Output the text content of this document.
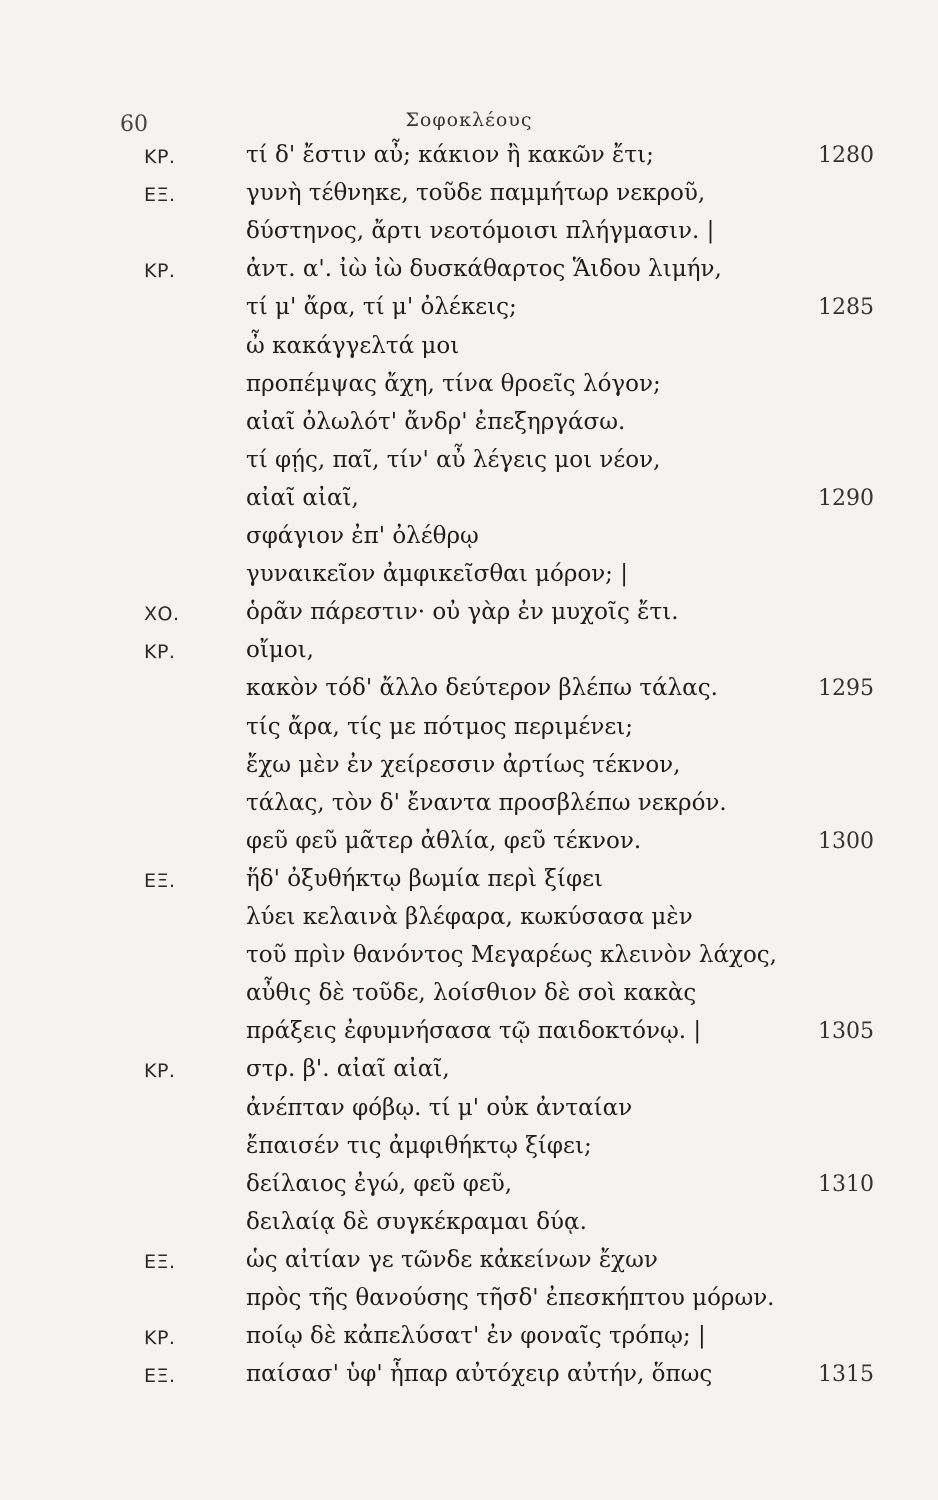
60	Σοφοκλέους
ΚΡ.	τί δ' ἔστιν αὖ; κάκιον ἢ κακῶν ἔτι;	1280
ΕΞ.	γυνὴ τέθνηκε, τοῦδε παμμήτωρ νεκροῦ,
δύστηνος, ἄρτι νεοτόμοισι πλήγμασιν. |
ΚΡ.	ἀντ. α'. ἰὼ ἰὼ δυσκάθαρτος Ἅιδου λιμήν,
τί μ' ἄρα, τί μ' ὀλέκεις;	1285
ὦ κακάγγελτά μοι
προπέμψας ἄχη, τίνα θροεῖς λόγον;
αἰαῖ ὀλωλότ' ἄνδρ' ἐπεξηργάσω.
τί φῄς, παῖ, τίν' αὖ λέγεις μοι νέον,
αἰαῖ αἰαῖ,	1290
σφάγιον ἐπ' ὀλέθρῳ
γυναικεῖον ἀμφικεῖσθαι μόρον; |
ΧΟ.	ὁρᾶν πάρεστιν· οὐ γὰρ ἐν μυχοῖς ἔτι.
ΚΡ.	οἴμοι,
κακὸν τόδ' ἄλλο δεύτερον βλέπω τάλας.	1295
τίς ἄρα, τίς με πότμος περιμένει;
ἔχω μὲν ἐν χείρεσσιν ἀρτίως τέκνον,
τάλας, τὸν δ' ἔναντα προσβλέπω νεκρόν.
φεῦ φεῦ μᾶτερ ἀθλία, φεῦ τέκνον.	1300
ΕΞ.	ἥδ' ὀξυθήκτῳ βωμία περὶ ξίφει
λύει κελαινὰ βλέφαρα, κωκύσασα μὲν
τοῦ πρὶν θανόντος Μεγαρέως κλεινὸν λάχος,
αὖθις δὲ τοῦδε, λοίσθιον δὲ σοὶ κακὰς
πράξεις ἐφυμνήσασα τῷ παιδοκτόνῳ. |	1305
ΚΡ.	στρ. β'. αἰαῖ αἰαῖ,
ἀνέπταν φόβῳ. τί μ' οὐκ ἀνταίαν
ἔπαισέν τις ἀμφιθήκτῳ ξίφει;
δείλαιος ἐγώ, φεῦ φεῦ,	1310
δειλαίᾳ δὲ συγκέκραμαι δύᾳ.
ΕΞ.	ὡς αἰτίαν γε τῶνδε κἀκείνων ἔχων
πρὸς τῆς θανούσης τῆσδ' ἐπεσκήπτου μόρων.
ΚΡ.	ποίῳ δὲ κἀπελύσατ' ἐν φοναῖς τρόπῳ; |
ΕΞ.	παίσασ' ὑφ' ἧπαρ αὐτόχειρ αὐτήν, ὅπως	1315
